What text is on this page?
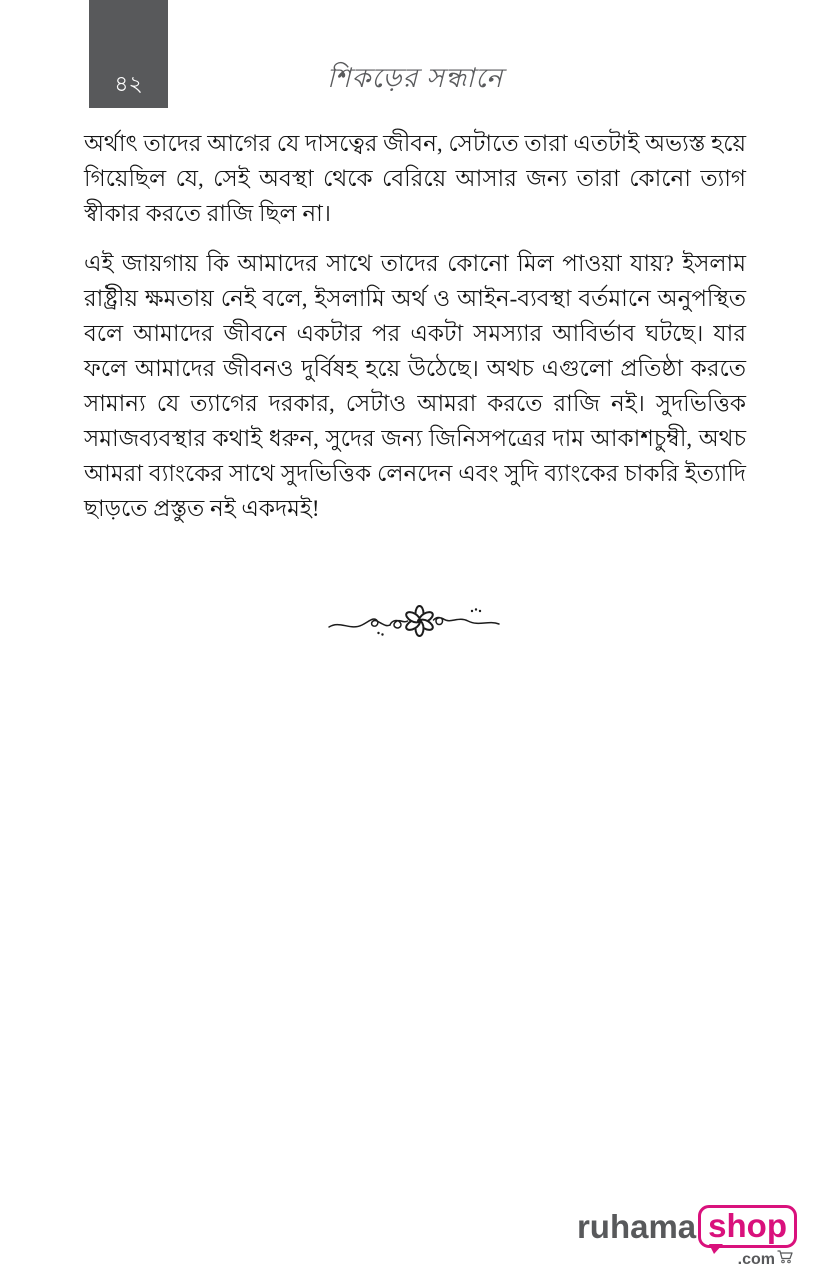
৪২	শিকড়ের সন্ধানে

অর্থাৎ তাদের আগের যে দাসত্বের জীবন, সেটাতে তারা এতটাই অভ্যস্ত হয়ে গিয়েছিল যে, সেই অবস্থা থেকে বেরিয়ে আসার জন্য তারা কোনো ত্যাগ স্বীকার করতে রাজি ছিল না।

এই জায়গায় কি আমাদের সাথে তাদের কোনো মিল পাওয়া যায়? ইসলাম রাষ্ট্রীয় ক্ষমতায় নেই বলে, ইসলামি অর্থ ও আইন-ব্যবস্থা বর্তমানে অনুপস্থিত বলে আমাদের জীবনে একটার পর একটা সমস্যার আবির্ভাব ঘটছে। যার ফলে আমাদের জীবনও দুর্বিষহ হয়ে উঠেছে। অথচ এগুলো প্রতিষ্ঠা করতে সামান্য যে ত্যাগের দরকার, সেটাও আমরা করতে রাজি নই। সুদভিত্তিক সমাজব্যবস্থার কথাই ধরুন, সুদের জন্য জিনিসপত্রের দাম আকাশচুম্বী, অথচ আমরা ব্যাংকের সাথে সুদভিত্তিক লেনদেন এবং সুদি ব্যাংকের চাকরি ইত্যাদি ছাড়তে প্রস্তুত নই একদমই!

ruhama shop
.com
